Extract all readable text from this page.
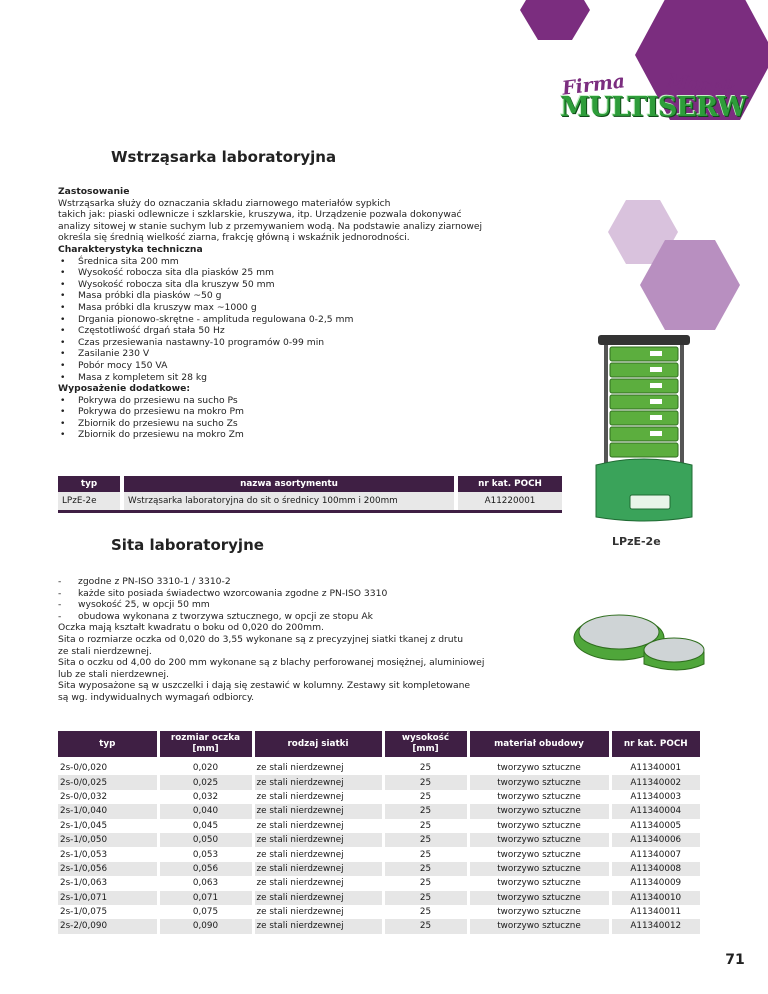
Firma Morek
MULTISERW
Wstrząsarka laboratoryjna

Zastosowanie

Wstrząsarka służy do oznaczania składu ziarnowego materiałów sypkich

takich jak: piaski odlewnicze i szklarskie, kruszywa, itp. Urządzenie pozwala dokonywać

analizy sitowej w stanie suchym lub z przemywaniem wodą. Na podstawie analizy ziarnowej

określa się średnią wielkość ziarna, frakcję główną i wskaźnik jednorodności.

Charakterystyka techniczna

• Średnica sita 200 mm

• Wysokość robocza sita dla piasków 25 mm

• Wysokość robocza sita dla kruszyw 50 mm

• Masa próbki dla piasków ~50 g

• Masa próbki dla kruszyw max ~1000 g

• Drgania pionowo-skrętne - amplituda regulowana 0-2,5 mm

• Częstotliwość drgań stała 50 Hz

• Czas przesiewania nastawny-10 programów 0-99 min

• Zasilanie 230 V

• Pobór mocy 150 VA

• Masa z kompletem sit 28 kg

Wyposażenie dodatkowe:

• Pokrywa do przesiewu na sucho Ps

• Pokrywa do przesiewu na mokro Pm

• Zbiornik do przesiewu na sucho Zs

• Zbiornik do przesiewu na mokro Zm

typ	nazwa asortymentu	nr kat. POCH
LPzE-2e	Wstrząsarka laboratoryjna do sit o średnicy 100mm i 200mm	A11220001

LPzE-2e
Sita laboratoryjne

- zgodne z PN-ISO 3310-1 / 3310-2

- każde sito posiada świadectwo wzorcowania zgodne z PN-ISO 3310

- wysokość 25, w opcji 50 mm

- obudowa wykonana z tworzywa sztucznego, w opcji ze stopu Ak

Oczka mają kształt kwadratu o boku od 0,020 do 200mm.

Sita o rozmiarze oczka od 0,020 do 3,55 wykonane są z precyzyjnej siatki tkanej z drutu

ze stali nierdzewnej.

Sita o oczku od 4,00 do 200 mm wykonane są z blachy perforowanej mosiężnej, aluminiowej

lub ze stali nierdzewnej.

Sita wyposażone są w uszczelki i dają się zestawić w kolumny. Zestawy sit kompletowane

są wg. indywidualnych wymagań odbiorcy.

typ	rozmiar oczka [mm]	rodzaj siatki	wysokość [mm]	materiał obudowy	nr kat. POCH

2s-0/0,020	0,020	ze stali nierdzewnej	25	tworzywo sztuczne	A11340001
2s-0/0,025	0,025	ze stali nierdzewnej	25	tworzywo sztuczne	A11340002
2s-0/0,032	0,032	ze stali nierdzewnej	25	tworzywo sztuczne	A11340003
2s-1/0,040	0,040	ze stali nierdzewnej	25	tworzywo sztuczne	A11340004
2s-1/0,045	0,045	ze stali nierdzewnej	25	tworzywo sztuczne	A11340005
2s-1/0,050	0,050	ze stali nierdzewnej	25	tworzywo sztuczne	A11340006
2s-1/0,053	0,053	ze stali nierdzewnej	25	tworzywo sztuczne	A11340007
2s-1/0,056	0,056	ze stali nierdzewnej	25	tworzywo sztuczne	A11340008
2s-1/0,063	0,063	ze stali nierdzewnej	25	tworzywo sztuczne	A11340009
2s-1/0,071	0,071	ze stali nierdzewnej	25	tworzywo sztuczne	A11340010
2s-1/0,075	0,075	ze stali nierdzewnej	25	tworzywo sztuczne	A11340011
2s-2/0,090	0,090	ze stali nierdzewnej	25	tworzywo sztuczne	A11340012
71
